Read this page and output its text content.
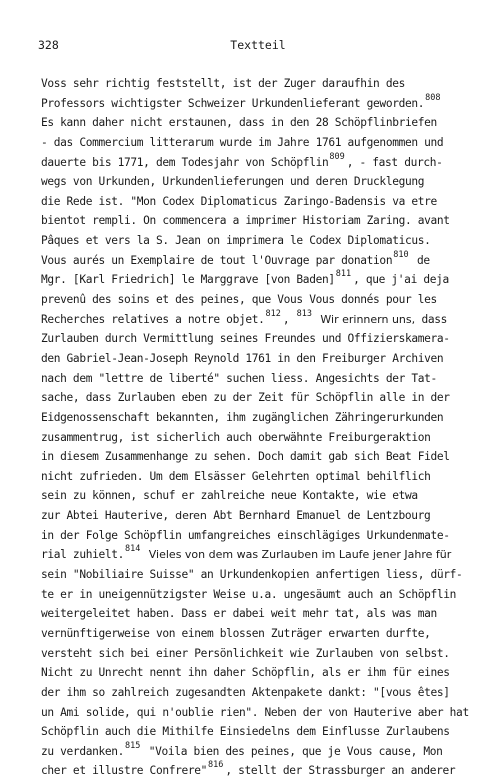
328	Textteil
Voss sehr richtig feststellt, ist der Zuger daraufhin des
Professors wichtigster Schweizer Urkundenlieferant geworden.$^{808}$
Es kann daher nicht erstaunen, dass in den 28 Schöpflinbriefen
- das Commercium litterarum wurde im Jahre 1761 aufgenommen und
dauerte bis 1771, dem Todesjahr von Schöpflin$^{809}$ , - fast durch-
wegs von Urkunden, Urkundenlieferungen und deren Drucklegung
die Rede ist. "Mon Codex Diplomaticus Zaringo-Badensis va etre
bientot rempli. On commencera a imprimer Historiam Zaring. avant
Pâques et vers la S. Jean on imprimera le Codex Diplomaticus.
Vous aurés un Exemplaire de tout l'Ouvrage par donation$^{810}$ de
Mgr. [Karl Friedrich] le Marggrave [von Baden]$^{811}$ , que j'ai deja
prevenû des soins et des peines, que Vous Vous donnés pour les
Recherches relatives a notre objet.$^{812}$ , $^{813}$ Wir erinnern uns, dass
Zurlauben durch Vermittlung seines Freundes und Offizierskamera-
den Gabriel-Jean-Joseph Reynold 1761 in den Freiburger Archiven
nach dem "lettre de liberté" suchen liess. Angesichts der Tat-
sache, dass Zurlauben eben zu der Zeit für Schöpflin alle in der
Eidgenossenschaft bekannten, ihm zugänglichen Zähringerurkunden
zusammentrug, ist sicherlich auch oberwähnte Freiburgeraktion
in diesem Zusammenhange zu sehen. Doch damit gab sich Beat Fidel
nicht zufrieden. Um dem Elsässer Gelehrten optimal behilflich
sein zu können, schuf er zahlreiche neue Kontakte, wie etwa
zur Abtei Hauterive, deren Abt Bernhard Emanuel de Lentzbourg
in der Folge Schöpflin umfangreiches einschlägiges Urkundenmate-
rial zuhielt.$^{814}$ Vieles von dem was Zurlauben im Laufe jener Jahre für
sein "Nobiliaire Suisse" an Urkundenkopien anfertigen liess, dürf-
te er in uneigennützigster Weise u.a. ungesäumt auch an Schöpflin
weitergeleitet haben. Dass er dabei weit mehr tat, als was man
vernünftigerweise von einem blossen Zuträger erwarten durfte,
versteht sich bei einer Persönlichkeit wie Zurlauben von selbst.
Nicht zu Unrecht nennt ihn daher Schöpflin, als er ihm für eines
der ihm so zahlreich zugesandten Aktenpakete dankt: "[vous êtes]
un Ami solide, qui n'oublie rien". Neben der von Hauterive aber hat
Schöpflin auch die Mithilfe Einsiedelns dem Einflusse Zurlaubens
zu verdanken.$^{815}$ "Voila bien des peines, que je Vous cause, Mon
cher et illustre Confrere"$^{816}$ , stellt der Strassburger an anderer
